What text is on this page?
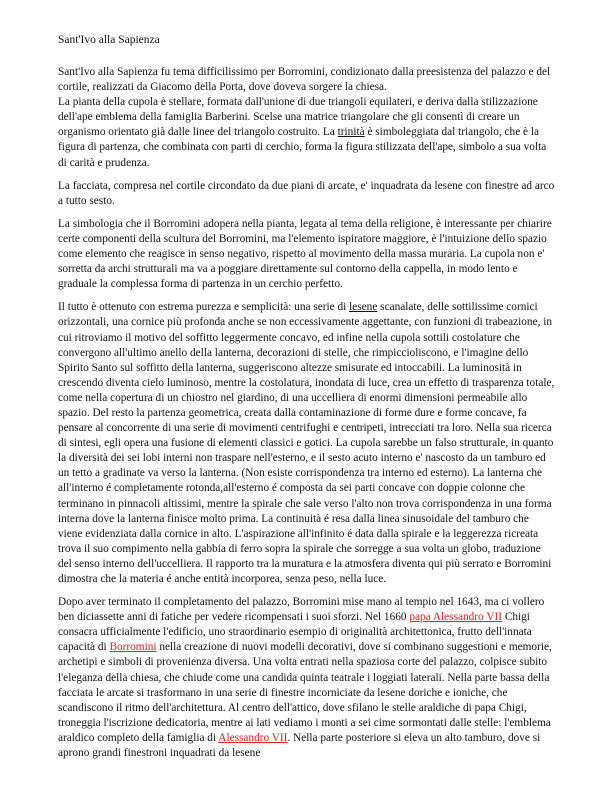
Sant'Ivo alla Sapienza

Sant'Ivo alla Sapienza fu tema difficilissimo per Borromini, condizionato dalla preesistenza del palazzo e del cortile, realizzati da Giacomo della Porta, dove doveva sorgere la chiesa.

La pianta della cupola è stellare, formata dall'unione di due triangoli equilateri, e deriva dalla stilizzazione dell'ape emblema della famiglia Barberini. Scelse una matrice triangolare che gli consentì di creare un organismo orientato già dalle linee del triangolo costruito. La trinità è simboleggiata dal triangolo, che è la figura di partenza, che combinata con parti di cerchio, forma la figura stilizzata dell'ape, simbolo a sua volta di carità e prudenza.

La facciata, compresa nel cortile circondato da due piani di arcate, e' inquadrata da lesene con finestre ad arco a tutto sesto.

La simbologia che il Borromini adopera nella pianta, legata al tema della religione, è interessante per chiarire certe componenti della scultura del Borromini, ma l'elemento ispiratore maggiore, è l'intuizione dello spazio come elemento che reagisce in senso negativo, rispetto al movimento della massa muraria. La cupola non e' sorretta da archi strutturali ma va a poggiare direttamente sul contorno della cappella, in modo lento e graduale la complessa forma di partenza in un cerchio perfetto.

Il tutto è ottenuto con estrema purezza e semplicità: una serie di lesene scanalate, delle sottilissime cornici orizzontali, una cornice più profonda anche se non eccessivamente aggettante, con funzioni di trabeazione, in cui ritroviamo il motivo del soffitto leggermente concavo, ed infine nella cupola sottili costolature che convergono all'ultimo anello della lanterna, decorazioni di stelle, che rimpiccioliscono, e l'imagine dello Spirito Santo sul soffitto della lanterna, suggeriscono altezze smisurate ed intoccabili. La luminosità in crescendo diventa cielo luminoso, mentre la costolatura, inondata di luce, crea un effetto di trasparenza totale, come nella copertura di un chiostro nel giardino, di una uccelliera di enormi dimensioni permeabile allo spazio. Del resto la partenza geometrica, creata dalla contaminazione di forme dure e forme concave, fa pensare al concorrente di una serie di movimenti centrifughi e centripeti, intrecciati tra loro. Nella sua ricerca di sintesi, egli opera una fusione di elementi classici e gotici. La cupola sarebbe un falso strutturale, in quanto la diversità dei sei lobi interni non traspare nell'esterno, e il sesto acuto interno e' nascosto da un tamburo ed un tetto a gradinate va verso la lanterna. (Non esiste corrispondenza tra interno ed esterno). La lanterna che all'interno é completamente rotonda,all'esterno é composta da sei parti concave con doppie colonne che terminano in pinnacoli altissimi, mentre la spirale che sale verso l'alto non trova corrispondenza in una forma interna dove la lanterna finisce molto prima. La continuità é resa dalla linea sinusoidale del tamburo che viene evidenziata dalla cornice in alto. L'aspirazione all'infinito é data dalla spirale e la leggerezza ricreata trova il suo compimento nella gabbia di ferro sopra la spirale che sorregge a sua volta un globo, traduzione del senso interno dell'uccelliera. Il rapporto tra la muratura e la atmosfera diventa qui più serrato e Borromini dimostra che la materia é anche entità incorporea, senza peso, nella luce.

Dopo aver terminato il completamento del palazzo, Borromini mise mano al tempio nel 1643, ma ci vollero ben diciassette anni di fatiche per vedere ricompensati i suoi sforzi. Nel 1660 papa Alessandro VII Chigi consacra ufficialmente l'edificio, uno straordinario esempio di originalità architettonica, frutto dell'innata capacità di Borromini nella creazione di nuovi modelli decorativi, dove si combinano suggestioni e memorie, archetipi e simboli di provenienza diversa. Una volta entrati nella spaziosa corte del palazzo, colpisce subito l'eleganza della chiesa, che chiude come una candida quinta teatrale i loggiati laterali. Nella parte bassa della facciata le arcate si trasformano in una serie di finestre incorniciate da lesene doriche e ioniche, che scandiscono il ritmo dell'architettura. Al centro dell'attico, dove sfilano le stelle araldiche di papa Chigi, troneggia l'iscrizione dedicatoria, mentre ai lati vediamo i monti a sei cime sormontati dalle stelle: l'emblema araldico completo della famiglia di Alessandro VII. Nella parte posteriore si eleva un alto tamburo, dove si aprono grandi finestroni inquadrati da lesene
